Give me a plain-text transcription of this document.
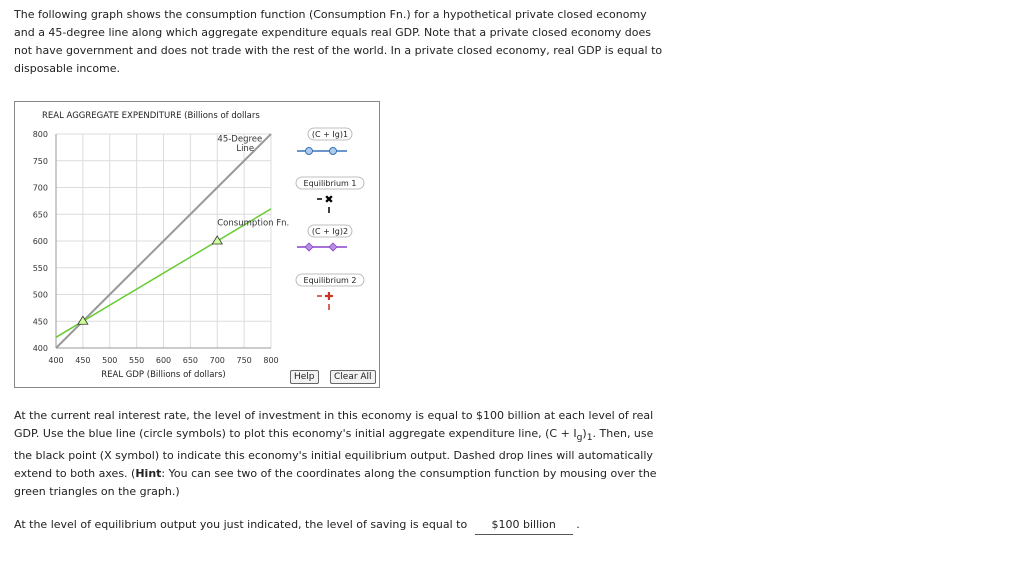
The following graph shows the consumption function (Consumption Fn.) for a hypothetical private closed economy and a 45-degree line along which aggregate expenditure equals real GDP. Note that a private closed economy does not have government and does not trade with the rest of the world. In a private closed economy, real GDP is equal to disposable income.

400
450
500
550
600
650
700
750
800
400 450 500 550 600 650 700 750 800
REAL AGGREGATE EXPENDITURE (Billions of dollars
REAL GDP (Billions of dollars)
45-Degree
Line
Consumption Fn.
(C + Ig)1
Equilibrium 1
✖
(C + Ig)2
Equilibrium 2
✚
Help	Clear All

At the current real interest rate, the level of investment in this economy is equal to $100 billion at each level of real GDP. Use the blue line (circle symbols) to plot this economy's initial aggregate expenditure line, $(C + I_g)_1$. Then, use the black point (X symbol) to indicate this economy's initial equilibrium output. Dashed drop lines will automatically extend to both axes. (Hint: You can see two of the coordinates along the consumption function by mousing over the green triangles on the graph.)

At the level of equilibrium output you just indicated, the level of saving is equal to $100 billion .
